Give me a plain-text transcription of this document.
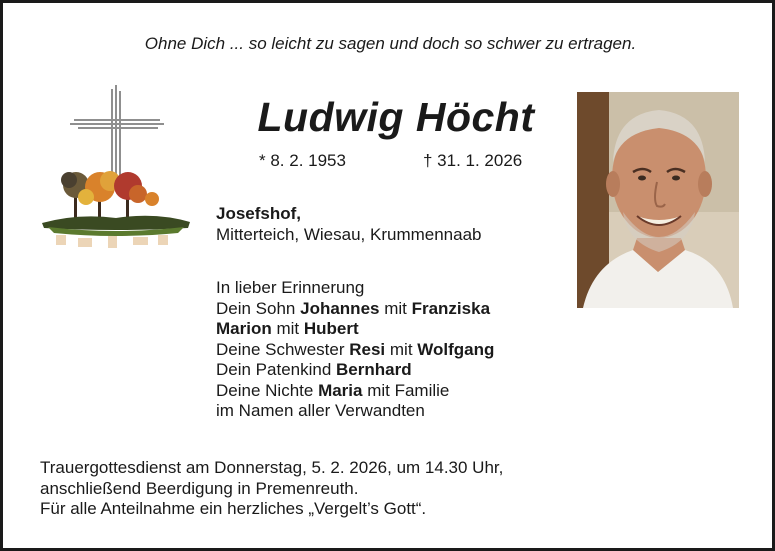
Ohne Dich ... so leicht zu sagen und doch so schwer zu ertragen.
Ludwig Höcht
* 8. 2. 1953	† 31. 1. 2026
Josefshof,
Mitterteich, Wiesau, Krummennaab
In lieber Erinnerung
Dein Sohn Johannes mit Franziska
Marion mit Hubert
Deine Schwester Resi mit Wolfgang
Dein Patenkind Bernhard
Deine Nichte Maria mit Familie
im Namen aller Verwandten
Trauergottesdienst am Donnerstag, 5. 2. 2026, um 14.30 Uhr,
anschließend Beerdigung in Premenreuth.
Für alle Anteilnahme ein herzliches „Vergelt’s Gott“.
